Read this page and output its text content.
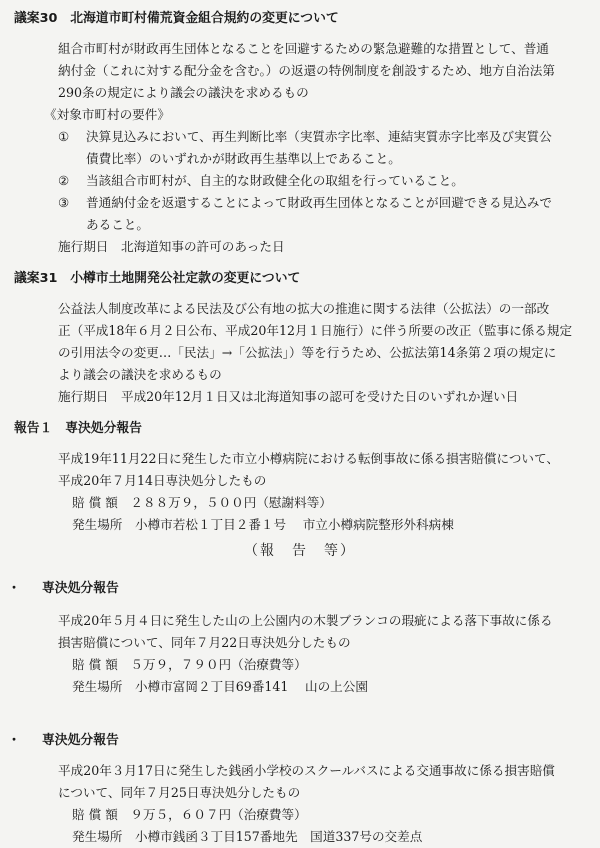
議案30　北海道市町村備荒資金組合規約の変更について
組合市町村が財政再生団体となることを回避するための緊急避難的な措置として、普通
納付金（これに対する配分金を含む。）の返還の特例制度を創設するため、地方自治法第
290条の規定により議会の議決を求めるもの
《対象市町村の要件》
① 決算見込みにおいて、再生判断比率（実質赤字比率、連結実質赤字比率及び実質公
債費比率）のいずれかが財政再生基準以上であること。
② 当該組合市町村が、自主的な財政健全化の取組を行っていること。
③ 普通納付金を返還することによって財政再生団体となることが回避できる見込みで
あること。
施行期日　北海道知事の許可のあった日
議案31　小樽市土地開発公社定款の変更について
公益法人制度改革による民法及び公有地の拡大の推進に関する法律（公拡法）の一部改
正（平成18年６月２日公布、平成20年12月１日施行）に伴う所要の改正（監事に係る規定
の引用法令の変更…「民法」→「公拡法」）等を行うため、公拡法第14条第２項の規定に
より議会の議決を求めるもの
施行期日　平成20年12月１日又は北海道知事の認可を受けた日のいずれか遅い日
報告１　専決処分報告
平成19年11月22日に発生した市立小樽病院における転倒事故に係る損害賠償について、
平成20年７月14日専決処分したもの
賠 償 額　２８８万９，５００円（慰謝料等）
発生場所　小樽市若松１丁目２番１号　 市立小樽病院整形外科病棟
（報　告　等）
・ 専決処分報告
平成20年５月４日に発生した山の上公園内の木製ブランコの瑕疵による落下事故に係る
損害賠償について、同年７月22日専決処分したもの
賠 償 額　５万９，７９０円（治療費等）
発生場所　小樽市富岡２丁目69番141　 山の上公園
・ 専決処分報告
平成20年３月17日に発生した銭函小学校のスクールバスによる交通事故に係る損害賠償
について、同年７月25日専決処分したもの
賠 償 額　９万５，６０７円（治療費等）
発生場所　小樽市銭函３丁目157番地先　国道337号の交差点
